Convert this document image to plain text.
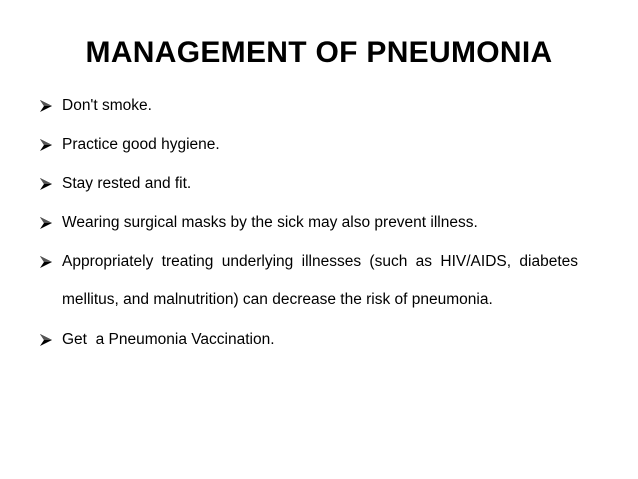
MANAGEMENT OF PNEUMONIA
Don't smoke.
Practice good hygiene.
Stay rested and fit.
Wearing surgical masks by the sick may also prevent illness.
Appropriately treating underlying illnesses (such as HIV/AIDS, diabetes mellitus, and malnutrition) can decrease the risk of pneumonia.
Get  a Pneumonia Vaccination.
